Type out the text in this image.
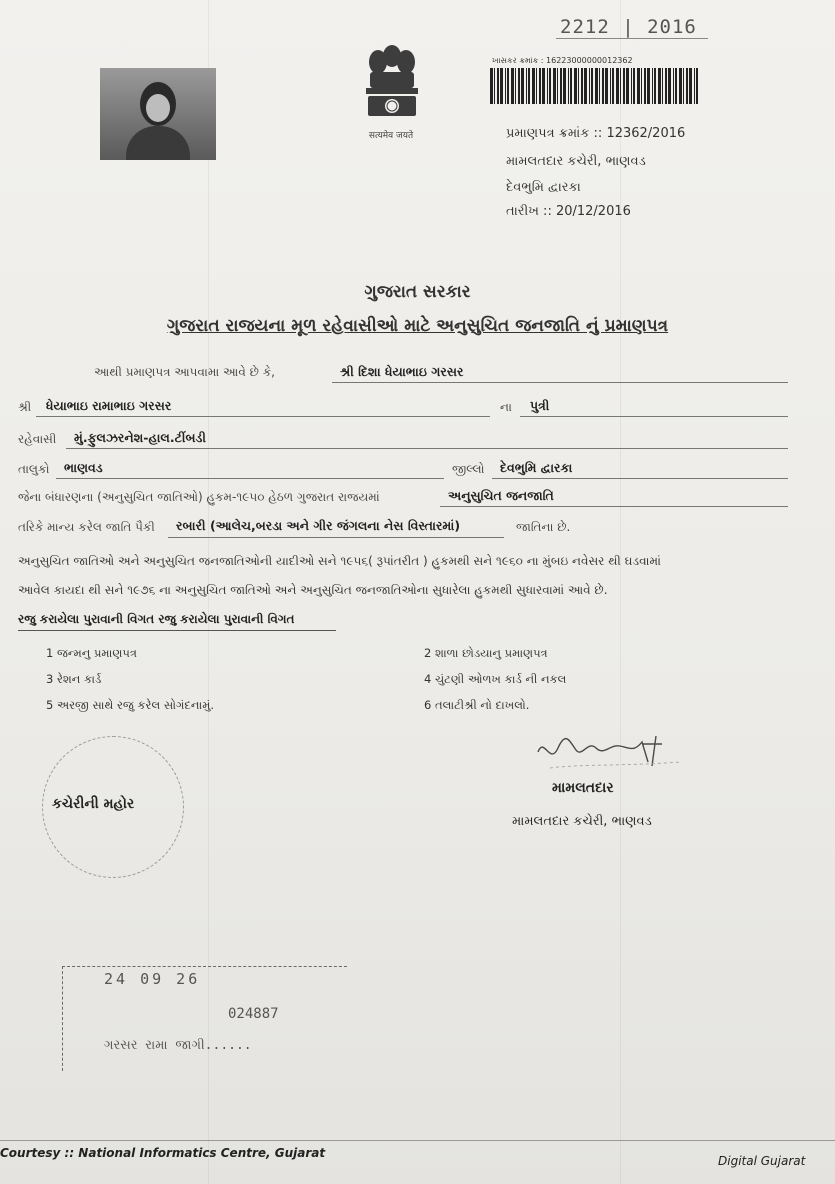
सत्यमेव जयते
2212 | 2016
ખાસકર ક્રમાંક : 16223000000012362
પ્રમાણપત્ર ક્રમાંક :: 12362/2016
મામલતદાર કચેરી, ભાણવડ
દેવભુમિ દ્વારકા
તારીખ :: 20/12/2016
ગુજરાત સરકાર
ગુજરાત રાજયના મૂળ રહેવાસીઓ માટે અનુસુચિત જનજાતિ નું પ્રમાણપત્ર
આથી પ્રમાણપત્ર આપવામા આવે છે કે,	શ્રી દિશા ધેયાભાઇ ગરસર
શ્રી ધેયાભાઇ રામાભાઇ ગરસર	ના પુત્રી
રહેવાસી મું.ફુલઝરનેશ-હાલ.ટીંબડી
તાલુકો ભાણવડ	જીલ્લો દેવભુમિ દ્વારકા
જેના બંધારણના (અનુસુચિત જાતિઓ) હુકમ-૧૯૫૦ હેઠળ ગુજરાત રાજયમાં	અનુસુચિત જનજાતિ
તરિકે માન્ય કરેલ જાતિ પૈકી રબારી (આલેચ,બરડા અને ગીર જંગલના નેસ વિસ્તારમાં)	જાતિના છે.
અનુસુચિત જાતિઓ અને અનુસુચિત જનજાતિઓની યાદીઓ સને ૧૯૫૬( રૂપાંતરીત ) હુકમથી સને ૧૯૬૦ ના મુંબઇ નવેસર થી ઘડવામાં
આવેલ કાયદા થી સને ૧૯૭૬ ના અનુસુચિત જાતિઓ અને અનુસુચિત જનજાતિઓના સુધારેલા હુકમથી સુધારવામાં આવે છે.
રજુ કરાયેલા પુરાવાની વિગત રજુ કરાયેલા પુરાવાની વિગત
1 જન્મનુ પ્રમાણપત્ર	2 શાળા છોડયાનુ પ્રમાણપત્ર
3 રેશન કાર્ડ	4 ચુંટણી ઓળખ કાર્ડ ની નકલ
5 અરજી સાથે રજુ કરેલ સોગંદનામું.	6 તલાટીશ્રી નો દાખલો.
કચેરીની મહોર
મામલતદાર
મામલતદાર કચેરી, ભાણવડ
24 09 26
024887
ગરસર રામા જાગી......
Courtesy :: National Informatics Centre, Gujarat
Digital Gujarat
